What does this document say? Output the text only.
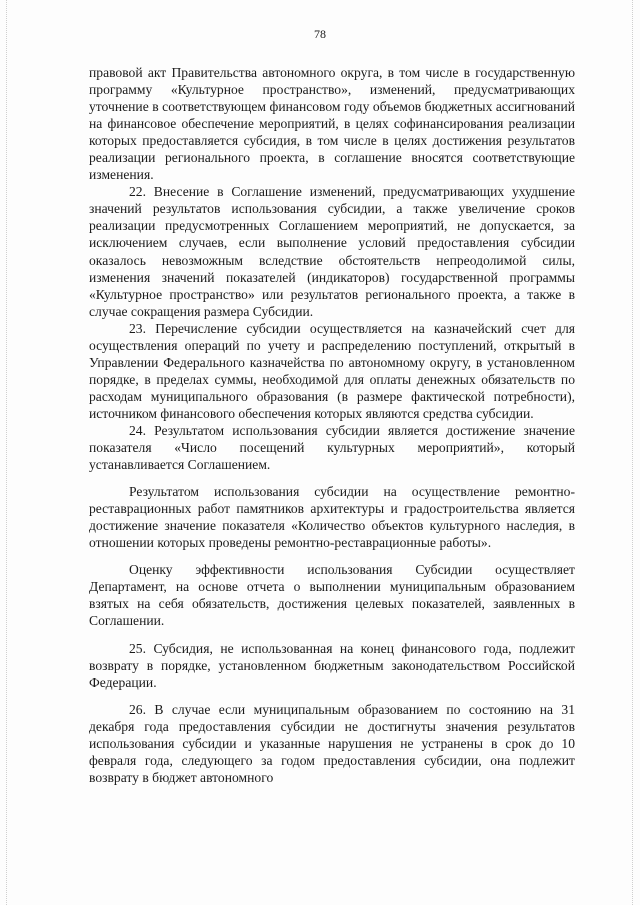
78

правовой акт Правительства автономного округа, в том числе в государственную программу «Культурное пространство», изменений, предусматривающих уточнение в соответствующем финансовом году объемов бюджетных ассигнований на финансовое обеспечение мероприятий, в целях софинансирования реализации которых предоставляется субсидия, в том числе в целях достижения результатов реализации регионального проекта, в соглашение вносятся соответствующие изменения.

22. Внесение в Соглашение изменений, предусматривающих ухудшение значений результатов использования субсидии, а также увеличение сроков реализации предусмотренных Соглашением мероприятий, не допускается, за исключением случаев, если выполнение условий предоставления субсидии оказалось невозможным вследствие обстоятельств непреодолимой силы, изменения значений показателей (индикаторов) государственной программы «Культурное пространство» или результатов регионального проекта, а также в случае сокращения размера Субсидии.

23. Перечисление субсидии осуществляется на казначейский счет для осуществления операций по учету и распределению поступлений, открытый в Управлении Федерального казначейства по автономному округу, в установленном порядке, в пределах суммы, необходимой для оплаты денежных обязательств по расходам муниципального образования (в размере фактической потребности), источником финансового обеспечения которых являются средства субсидии.

24. Результатом использования субсидии является достижение значение показателя «Число посещений культурных мероприятий», который устанавливается Соглашением.

Результатом использования субсидии на осуществление ремонтно-реставрационных работ памятников архитектуры и градостроительства является достижение значение показателя «Количество объектов культурного наследия, в отношении которых проведены ремонтно-реставрационные работы».

Оценку эффективности использования Субсидии осуществляет Департамент, на основе отчета о выполнении муниципальным образованием взятых на себя обязательств, достижения целевых показателей, заявленных в Соглашении.

25. Субсидия, не использованная на конец финансового года, подлежит возврату в порядке, установленном бюджетным законодательством Российской Федерации.

26. В случае если муниципальным образованием по состоянию на 31 декабря года предоставления субсидии не достигнуты значения результатов использования субсидии и указанные нарушения не устранены в срок до 10 февраля года, следующего за годом предоставления субсидии, она подлежит возврату в бюджет автономного
